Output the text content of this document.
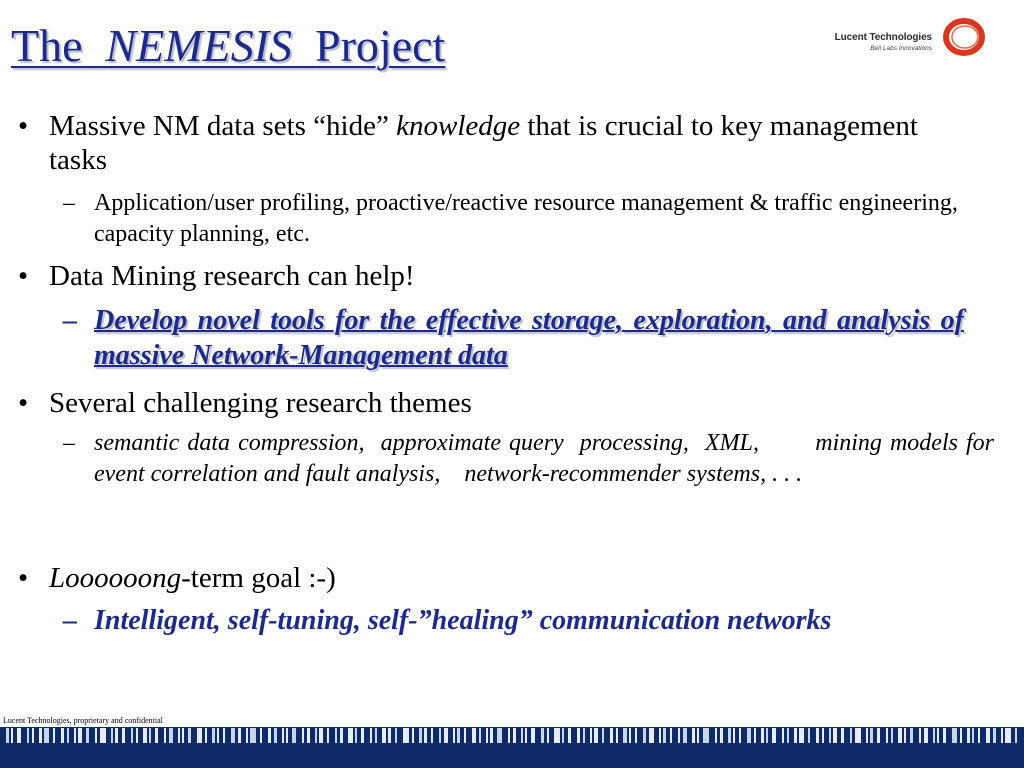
The NEMESIS Project	Lucent Technologies
Bell Labs Innovations
• Massive NM data sets “hide” knowledge that is crucial to key management tasks
– Application/user profiling, proactive/reactive resource management & traffic engineering, capacity planning, etc.
• Data Mining research can help!
– Develop novel tools for the effective storage, exploration, and analysis of massive Network-Management data
• Several challenging research themes
– semantic data compression,  approximate query  processing,  XML,       mining models for event correlation and fault analysis,    network-recommender systems, . . .
• Loooooong-term goal :-)
– Intelligent, self-tuning, self-”healing” communication networks
Lucent Technologies, proprietary and confidential
